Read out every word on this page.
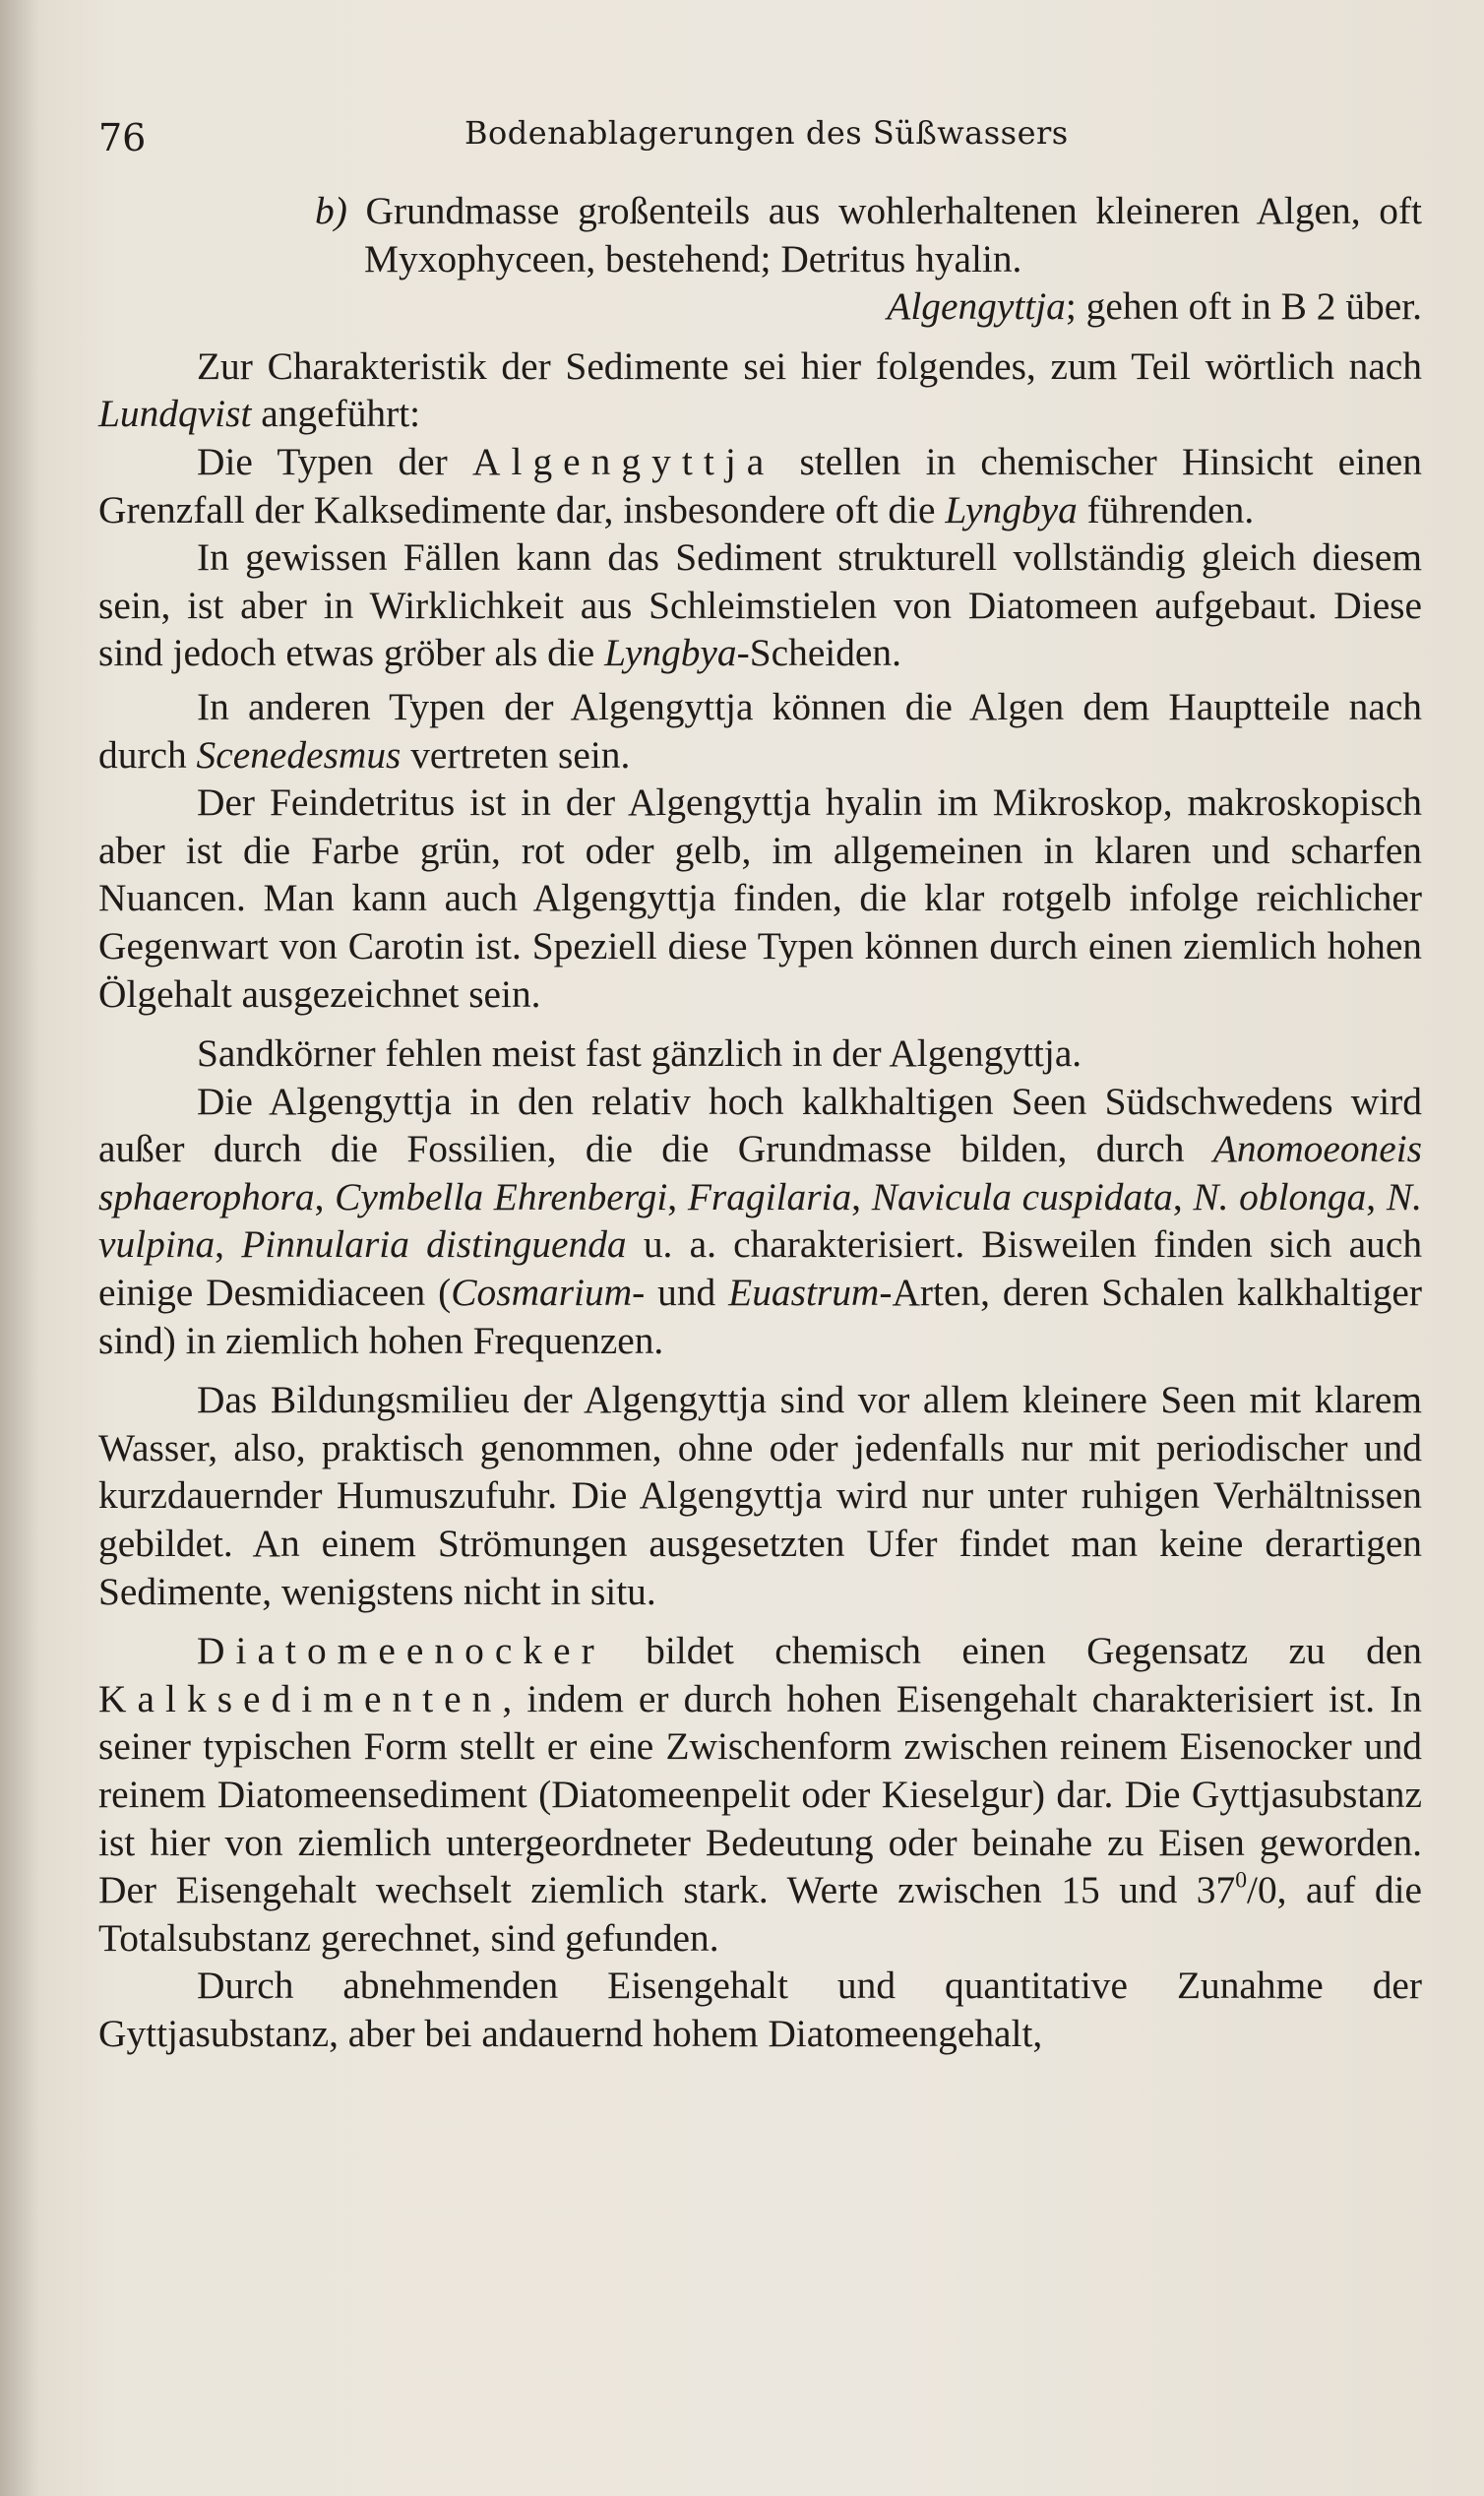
76	Bodenablagerungen des Süßwassers

b) Grundmasse großenteils aus wohlerhaltenen kleineren Algen, oft Myxophyceen, bestehend; Detritus hyalin.

Algengyttja; gehen oft in B 2 über.

Zur Charakteristik der Sedimente sei hier folgendes, zum Teil wörtlich nach Lundqvist angeführt:

Die Typen der Algengyttja stellen in chemischer Hinsicht einen Grenzfall der Kalksedimente dar, insbesondere oft die Lyngbya führenden.

In gewissen Fällen kann das Sediment strukturell vollständig gleich diesem sein, ist aber in Wirklichkeit aus Schleimstielen von Diatomeen aufgebaut. Diese sind jedoch etwas gröber als die Lyngbya-Scheiden.

In anderen Typen der Algengyttja können die Algen dem Hauptteile nach durch Scenedesmus vertreten sein.

Der Feindetritus ist in der Algengyttja hyalin im Mikroskop, makroskopisch aber ist die Farbe grün, rot oder gelb, im allgemeinen in klaren und scharfen Nuancen. Man kann auch Algengyttja finden, die klar rotgelb infolge reichlicher Gegenwart von Carotin ist. Speziell diese Typen können durch einen ziemlich hohen Ölgehalt ausgezeichnet sein.

Sandkörner fehlen meist fast gänzlich in der Algengyttja.

Die Algengyttja in den relativ hoch kalkhaltigen Seen Südschwedens wird außer durch die Fossilien, die die Grundmasse bilden, durch Anomoeoneis sphaerophora, Cymbella Ehrenbergi, Fragilaria, Navicula cuspidata, N. oblonga, N. vulpina, Pinnularia distinguenda u. a. charakterisiert. Bisweilen finden sich auch einige Desmidiaceen (Cosmarium- und Euastrum-Arten, deren Schalen kalkhaltiger sind) in ziemlich hohen Frequenzen.

Das Bildungsmilieu der Algengyttja sind vor allem kleinere Seen mit klarem Wasser, also, praktisch genommen, ohne oder jedenfalls nur mit periodischer und kurzdauernder Humuszufuhr. Die Algengyttja wird nur unter ruhigen Verhältnissen gebildet. An einem Strömungen ausgesetzten Ufer findet man keine derartigen Sedimente, wenigstens nicht in situ.

Diatomeenocker bildet chemisch einen Gegensatz zu den Kalksedimenten, indem er durch hohen Eisengehalt charakterisiert ist. In seiner typischen Form stellt er eine Zwischenform zwischen reinem Eisenocker und reinem Diatomeensediment (Diatomeenpelit oder Kieselgur) dar. Die Gyttjasubstanz ist hier von ziemlich untergeordneter Bedeutung oder beinahe zu Eisen geworden. Der Eisengehalt wechselt ziemlich stark. Werte zwischen 15 und $37^0/0$, auf die Totalsubstanz gerechnet, sind gefunden.

Durch abnehmenden Eisengehalt und quantitative Zunahme der Gyttjasubstanz, aber bei andauernd hohem Diatomeengehalt,
